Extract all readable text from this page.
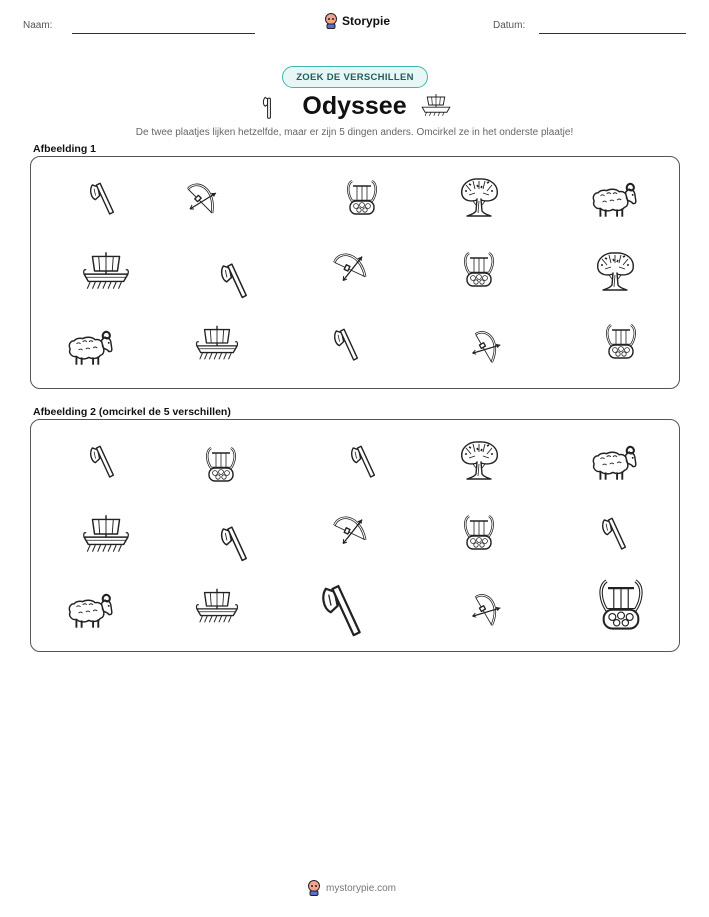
Naam:	Storypie	Datum:
ZOEK DE VERSCHILLEN
Odyssee
De twee plaatjes lijken hetzelfde, maar er zijn 5 dingen anders. Omcirkel ze in het onderste plaatje!
Afbeelding 1
Afbeelding 2 (omcirkel de 5 verschillen)
mystorypie.com
